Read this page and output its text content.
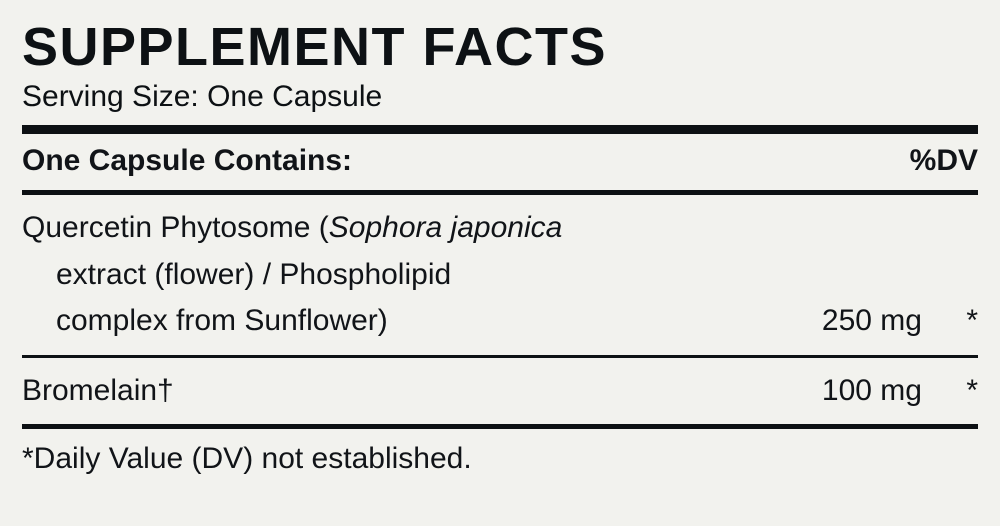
SUPPLEMENT FACTS
Serving Size: One Capsule
One Capsule Contains:	%DV
Quercetin Phytosome (Sophora japonica
extract (flower) / Phospholipid
complex from Sunflower)	250 mg	*
Bromelain†	100 mg	*
*Daily Value (DV) not established.
